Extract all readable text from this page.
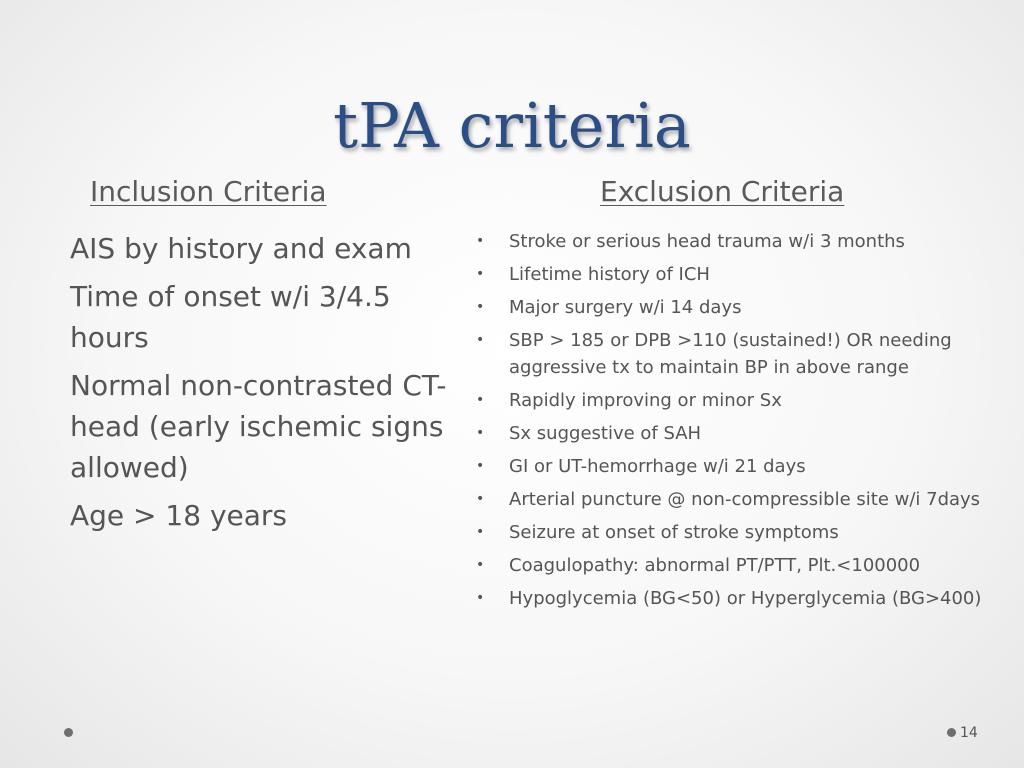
tPA criteria
Inclusion Criteria	Exclusion Criteria
AIS by history and exam
Time of onset w/i 3/4.5 hours
Normal non-contrasted CT-head (early ischemic signs allowed)
Age > 18 years
• Stroke or serious head trauma w/i 3 months
• Lifetime history of ICH
• Major surgery w/i 14 days
• SBP > 185 or DPB >110 (sustained!) OR needing aggressive tx to maintain BP in above range
• Rapidly improving or minor Sx
• Sx suggestive of SAH
• GI or UT-hemorrhage w/i 21 days
• Arterial puncture @ non-compressible site w/i 7days
• Seizure at onset of stroke symptoms
• Coagulopathy: abnormal PT/PTT, Plt.<100000
• Hypoglycemia (BG<50) or Hyperglycemia (BG>400)
14
